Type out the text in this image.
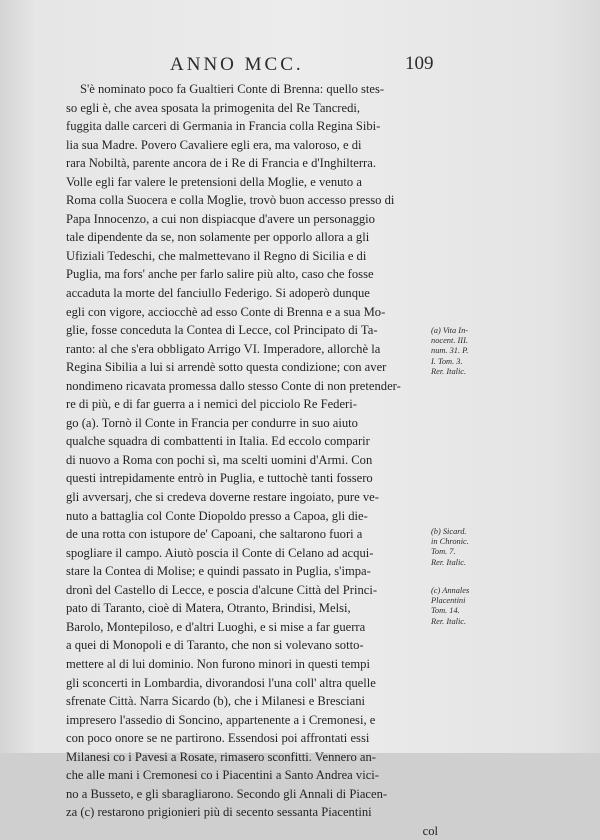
ANNO MCC.	109
S'è nominato poco fa Gualtieri Conte di Brenna: quello stes-
so egli è, che avea sposata la primogenita del Re Tancredi,
fuggita dalle carceri di Germania in Francia colla Regina Sibi-
lia sua Madre. Povero Cavaliere egli era, ma valoroso, e di
rara Nobiltà, parente ancora de i Re di Francia e d'Inghilterra.
Volle egli far valere le pretensioni della Moglie, e venuto a
Roma colla Suocera e colla Moglie, trovò buon accesso presso di
Papa Innocenzo, a cui non dispiacque d'avere un personaggio
tale dipendente da se, non solamente per opporlo allora a gli
Ufiziali Tedeschi, che malmettevano il Regno di Sicilia e di
Puglia, ma fors' anche per farlo salire più alto, caso che fosse
accaduta la morte del fanciullo Federigo. Si adoperò dunque
egli con vigore, acciocchè ad esso Conte di Brenna e a sua Mo-
glie, fosse conceduta la Contea di Lecce, col Principato di Ta-
ranto: al che s'era obbligato Arrigo VI. Imperadore, allorchè la
Regina Sibilia a lui si arrendè sotto questa condizione; con aver
nondimeno ricavata promessa dallo stesso Conte di non pretender-
re di più, e di far guerra a i nemici del picciolo Re Federi-
go (a). Tornò il Conte in Francia per condurre in suo aiuto
qualche squadra di combattenti in Italia. Ed eccolo comparir
di nuovo a Roma con pochi sì, ma scelti uomini d'Armi. Con
questi intrepidamente entrò in Puglia, e tuttochè tanti fossero
gli avversarj, che si credeva doverne restare ingoiato, pure ve-
nuto a battaglia col Conte Diopoldo presso a Capoa, gli die-
de una rotta con istupore de' Capoani, che saltarono fuori a
spogliare il campo. Aiutò poscia il Conte di Celano ad acqui-
stare la Contea di Molise; e quindi passato in Puglia, s'impa-
dronì del Castello di Lecce, e poscia d'alcune Città del Princi-
pato di Taranto, cioè di Matera, Otranto, Brindisi, Melsi,
Barolo, Montepiloso, e d'altri Luoghi, e si mise a far guerra
a quei di Monopoli e di Taranto, che non si volevano sotto-
mettere al di lui dominio. Non furono minori in questi tempi
gli sconcerti in Lombardia, divorandosi l'una coll' altra quelle
sfrenate Città. Narra Sicardo (b), che i Milanesi e Bresciani
impresero l'assedio di Soncino, appartenente a i Cremonesi, e
con poco onore se ne partirono. Essendosi poi affrontati essi
Milanesi co i Pavesi a Rosate, rimasero sconfitti. Vennero an-
che alle mani i Cremonesi co i Piacentini a Santo Andrea vici-
no a Busseto, e gli sbaragliarono. Secondo gli Annali di Piacen-
za (c) restarono prigionieri più di secento sessanta Piacentini
col
(a) Vita In-
nocent. III.
num. 31. P.
I. Tom. 3.
Rer. Italic.
(b) Sicard.
in Chronic.
Tom. 7.
Rer. Italic.
(c) Annales
Placentini
Tom. 14.
Rer. Italic.
